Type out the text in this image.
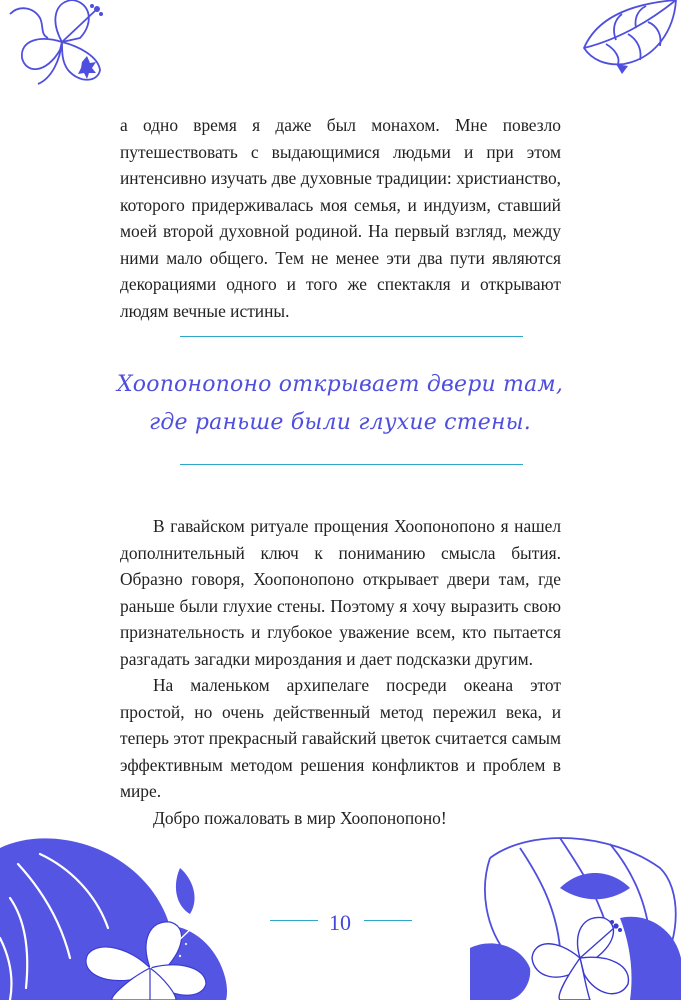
а одно время я даже был монахом. Мне повезло путешествовать с выдающимися людьми и при этом интенсивно изучать две духовные традиции: христианство, которого придерживалась моя семья, и индуизм, ставший моей второй духовной родиной. На первый взгляд, между ними мало общего. Тем не менее эти два пути являются декорациями одного и того же спектакля и открывают людям вечные истины.

Хоопонопоно открывает двери там,
где раньше были глухие стены.

В гавайском ритуале прощения Хоопонопоно я нашел дополнительный ключ к пониманию смысла бытия. Образно говоря, Хоопонопоно открывает двери там, где раньше были глухие стены. Поэтому я хочу выразить свою признательность и глубокое уважение всем, кто пытается разгадать загадки мироздания и дает подсказки другим.

На маленьком архипелаге посреди океана этот простой, но очень действенный метод пережил века, и теперь этот прекрасный гавайский цветок считается самым эффективным методом решения конфликтов и проблем в мире.

Добро пожаловать в мир Хоопонопоно!

10
